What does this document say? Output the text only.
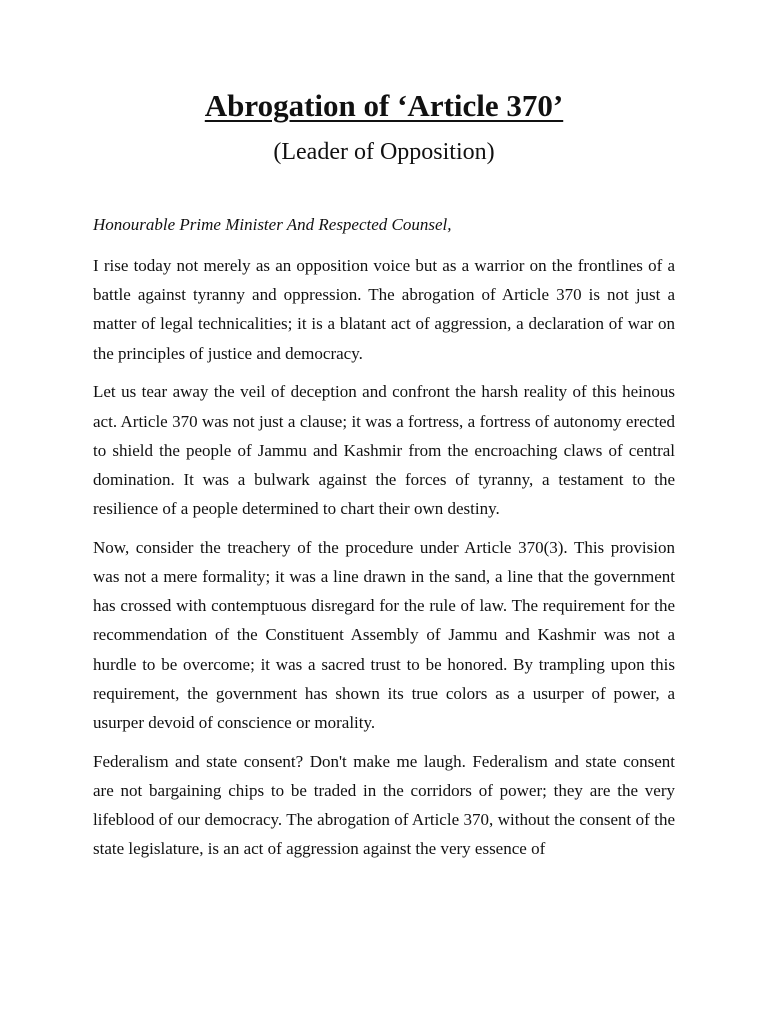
Abrogation of ‘Article 370’
(Leader of Opposition)

Honourable Prime Minister And Respected Counsel,

I rise today not merely as an opposition voice but as a warrior on the frontlines of a battle against tyranny and oppression. The abrogation of Article 370 is not just a matter of legal technicalities; it is a blatant act of aggression, a declaration of war on the principles of justice and democracy.

Let us tear away the veil of deception and confront the harsh reality of this heinous act. Article 370 was not just a clause; it was a fortress, a fortress of autonomy erected to shield the people of Jammu and Kashmir from the encroaching claws of central domination. It was a bulwark against the forces of tyranny, a testament to the resilience of a people determined to chart their own destiny.

Now, consider the treachery of the procedure under Article 370(3). This provision was not a mere formality; it was a line drawn in the sand, a line that the government has crossed with contemptuous disregard for the rule of law. The requirement for the recommendation of the Constituent Assembly of Jammu and Kashmir was not a hurdle to be overcome; it was a sacred trust to be honored. By trampling upon this requirement, the government has shown its true colors as a usurper of power, a usurper devoid of conscience or morality.

Federalism and state consent? Don't make me laugh. Federalism and state consent are not bargaining chips to be traded in the corridors of power; they are the very lifeblood of our democracy. The abrogation of Article 370, without the consent of the state legislature, is an act of aggression against the very essence of
